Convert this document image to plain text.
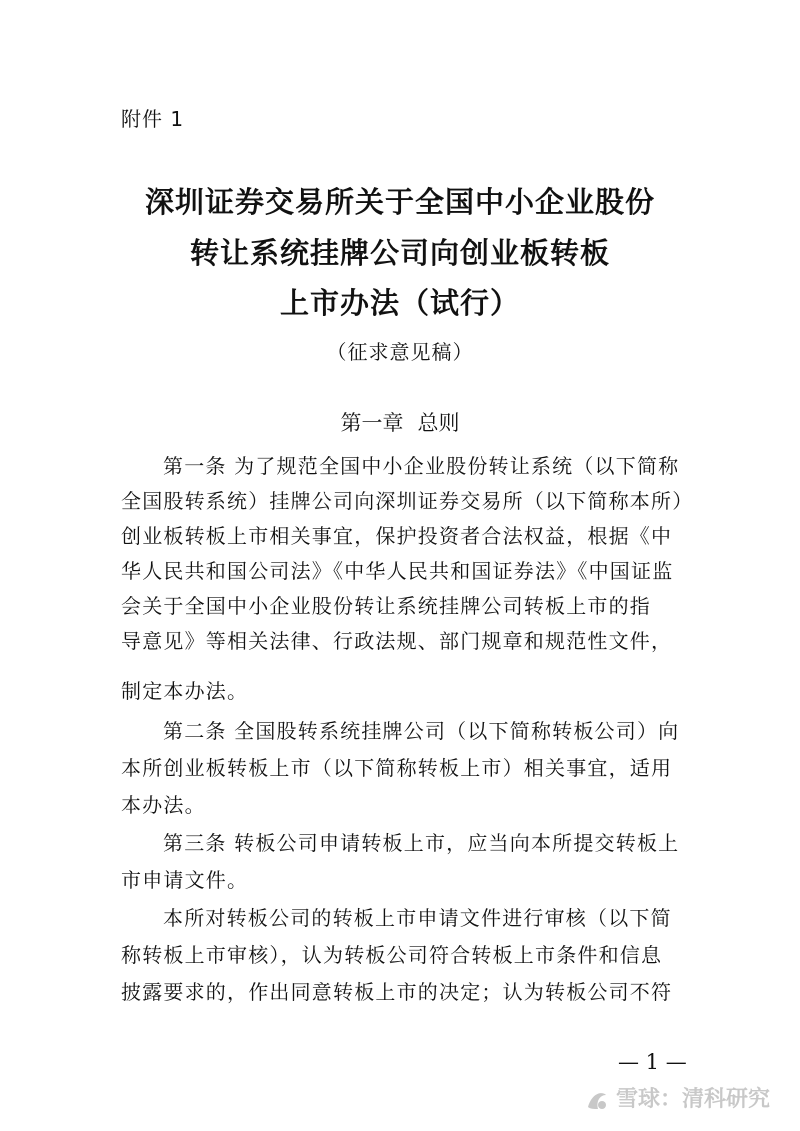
附件 1
深圳证券交易所关于全国中小企业股份
转让系统挂牌公司向创业板转板
上市办法（试行）
（征求意见稿）
第一章 总则
第一条 为了规范全国中小企业股份转让系统（以下简称
全国股转系统）挂牌公司向深圳证券交易所（以下简称本所）
创业板转板上市相关事宜，保护投资者合法权益，根据《中
华人民共和国公司法》《中华人民共和国证券法》《中国证监
会关于全国中小企业股份转让系统挂牌公司转板上市的指
导意见》等相关法律、行政法规、部门规章和规范性文件，
制定本办法。
第二条 全国股转系统挂牌公司（以下简称转板公司）向
本所创业板转板上市（以下简称转板上市）相关事宜，适用
本办法。
第三条 转板公司申请转板上市，应当向本所提交转板上
市申请文件。
本所对转板公司的转板上市申请文件进行审核（以下简
称转板上市审核），认为转板公司符合转板上市条件和信息
披露要求的，作出同意转板上市的决定；认为转板公司不符
— 1 —
雪球：清科研究
